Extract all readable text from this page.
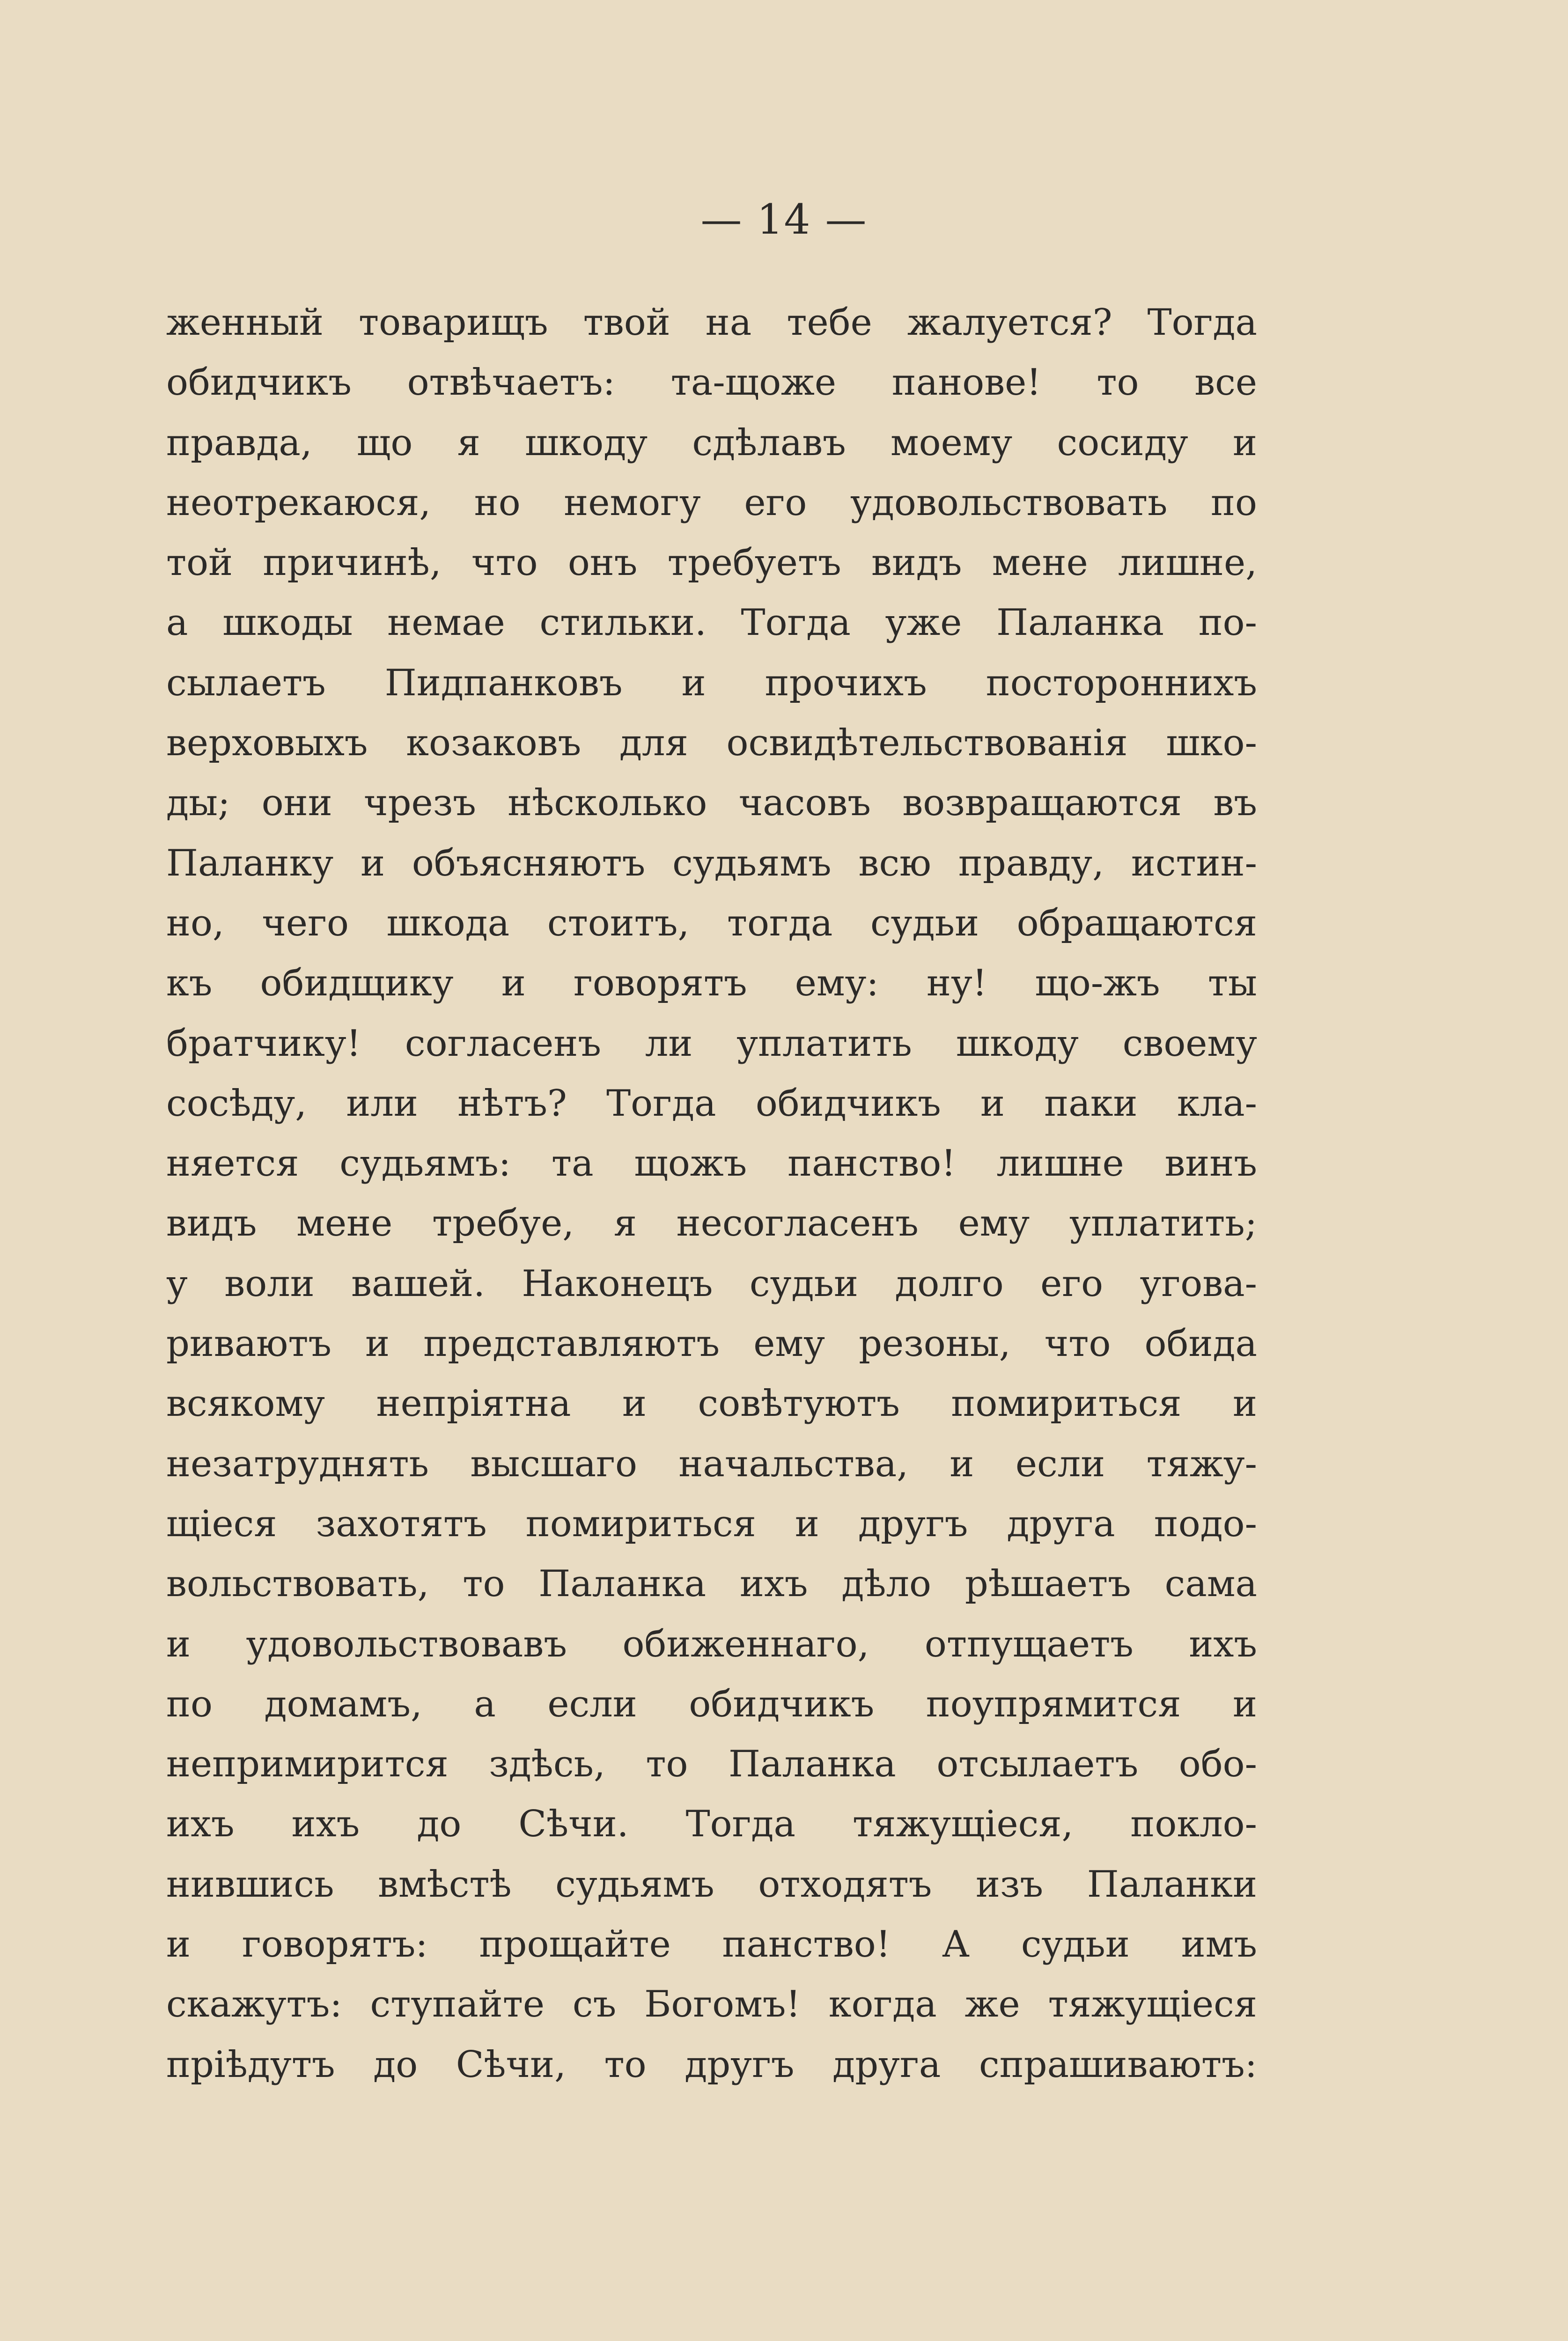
— 14 —
женный товарищъ твой на тебе жалуется? Тогда
обидчикъ отвѣчаетъ: та-щоже панове! то все
правда, що я шкоду сдѣлавъ моему сосиду и
неотрекаюся, но немогу его удовольствовать по
той причинѣ, что онъ требуетъ видъ мене лишне,
а шкоды немае стильки. Тогда уже Паланка по-
сылаетъ Пидпанковъ и прочихъ постороннихъ
верховыхъ козаковъ для освидѣтельствованія шко-
ды; они чрезъ нѣсколько часовъ возвращаются въ
Паланку и объясняютъ судьямъ всю правду, истин-
но, чего шкода стоитъ, тогда судьи обращаются
къ обидщику и говорятъ ему: ну! що-жъ ты
братчику! согласенъ ли уплатить шкоду своему
сосѣду, или нѣтъ? Тогда обидчикъ и паки кла-
няется судьямъ: та щожъ панство! лишне винъ
видъ мене требуе, я несогласенъ ему уплатить;
у воли вашей. Наконецъ судьи долго его угова-
риваютъ и представляютъ ему резоны, что обида
всякому непріятна и совѣтуютъ помириться и
незатруднять высшаго начальства, и если тяжу-
щіеся захотятъ помириться и другъ друга подо-
вольствовать, то Паланка ихъ дѣло рѣшаетъ сама
и удовольствовавъ обиженнаго, отпущаетъ ихъ
по домамъ, а если обидчикъ поупрямится и
непримирится здѣсь, то Паланка отсылаетъ обо-
ихъ ихъ до Сѣчи. Тогда тяжущіеся, покло-
нившись вмѣстѣ судьямъ отходятъ изъ Паланки
и говорятъ: прощайте панство! А судьи имъ
скажутъ: ступайте съ Богомъ! когда же тяжущіеся
пріѣдутъ до Сѣчи, то другъ друга спрашиваютъ:
